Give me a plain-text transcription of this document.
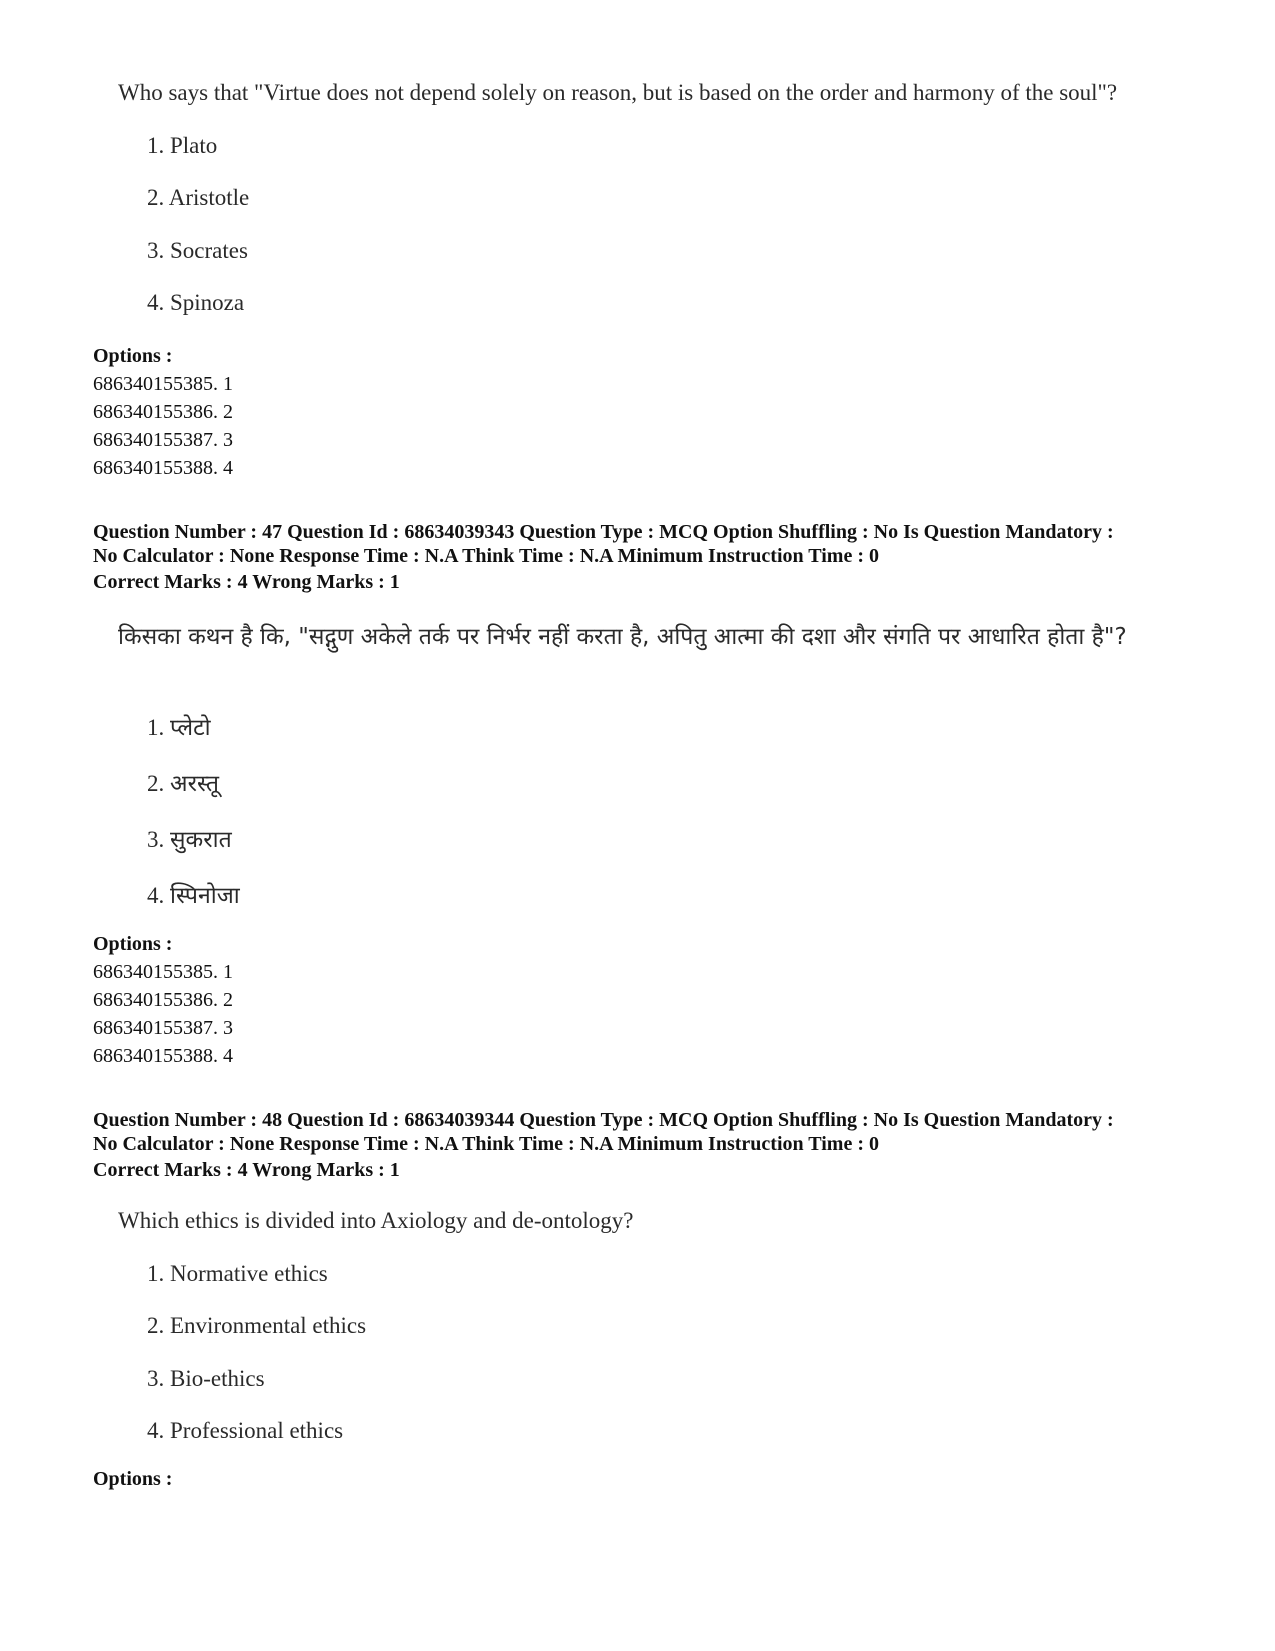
Who says that "Virtue does not depend solely on reason, but is based on the order and harmony of the soul"?
1. Plato
2. Aristotle
3. Socrates
4. Spinoza
Options :
686340155385. 1
686340155386. 2
686340155387. 3
686340155388. 4
Question Number : 47 Question Id : 68634039343 Question Type : MCQ Option Shuffling : No Is Question Mandatory :
No Calculator : None Response Time : N.A Think Time : N.A Minimum Instruction Time : 0
Correct Marks : 4 Wrong Marks : 1
किसका कथन है कि, "सद्गुण अकेले तर्क पर निर्भर नहीं करता है, अपितु आत्मा की दशा और संगति पर आधारित होता है"?
1. प्लेटो
2. अरस्तू
3. सुकरात
4. स्पिनोजा
Options :
686340155385. 1
686340155386. 2
686340155387. 3
686340155388. 4
Question Number : 48 Question Id : 68634039344 Question Type : MCQ Option Shuffling : No Is Question Mandatory :
No Calculator : None Response Time : N.A Think Time : N.A Minimum Instruction Time : 0
Correct Marks : 4 Wrong Marks : 1
Which ethics is divided into Axiology and de-ontology?
1. Normative ethics
2. Environmental ethics
3. Bio-ethics
4. Professional ethics
Options :
